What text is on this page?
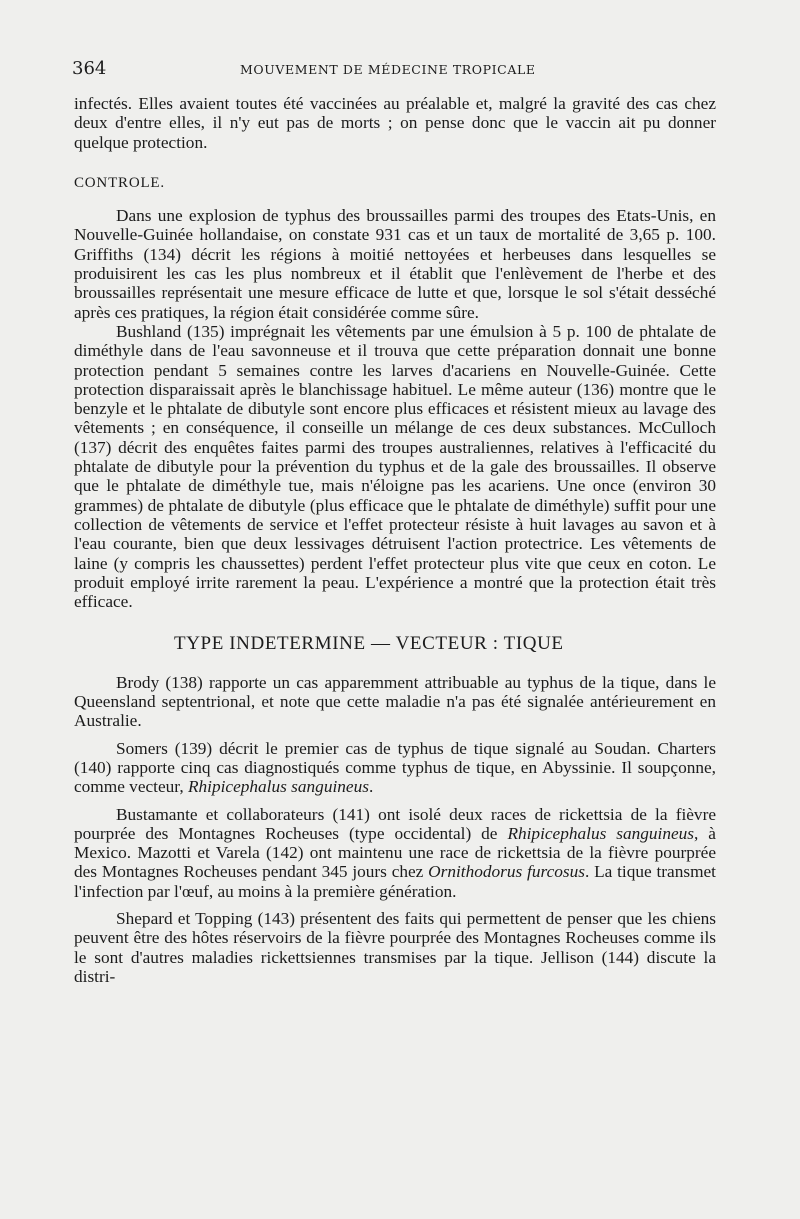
364	MOUVEMENT DE MÉDECINE TROPICALE

infectés. Elles avaient toutes été vaccinées au préalable et, malgré la gravité des cas chez deux d'entre elles, il n'y eut pas de morts ; on pense donc que le vaccin ait pu donner quelque protection.

CONTROLE.

Dans une explosion de typhus des broussailles parmi des troupes des Etats-Unis, en Nouvelle-Guinée hollandaise, on constate 931 cas et un taux de mortalité de 3,65 p. 100. Griffiths (134) décrit les régions à moitié nettoyées et herbeuses dans lesquelles se produisirent les cas les plus nombreux et il établit que l'enlèvement de l'herbe et des broussailles représentait une mesure efficace de lutte et que, lorsque le sol s'était desséché après ces pratiques, la région était considérée comme sûre.

Bushland (135) imprégnait les vêtements par une émulsion à 5 p. 100 de phtalate de diméthyle dans de l'eau savonneuse et il trouva que cette préparation donnait une bonne protection pendant 5 semaines contre les larves d'acariens en Nouvelle-Guinée. Cette protection disparaissait après le blanchissage habituel. Le même auteur (136) montre que le benzyle et le phtalate de dibutyle sont encore plus efficaces et résistent mieux au lavage des vêtements ; en conséquence, il conseille un mélange de ces deux substances. McCulloch (137) décrit des enquêtes faites parmi des troupes australiennes, relatives à l'efficacité du phtalate de dibutyle pour la prévention du typhus et de la gale des broussailles. Il observe que le phtalate de diméthyle tue, mais n'éloigne pas les acariens. Une once (environ 30 grammes) de phtalate de dibutyle (plus efficace que le phtalate de diméthyle) suffit pour une collection de vêtements de service et l'effet protecteur résiste à huit lavages au savon et à l'eau courante, bien que deux lessivages détruisent l'action protectrice. Les vêtements de laine (y compris les chaussettes) perdent l'effet protecteur plus vite que ceux en coton. Le produit employé irrite rarement la peau. L'expérience a montré que la protection était très efficace.

TYPE INDETERMINE — VECTEUR : TIQUE

Brody (138) rapporte un cas apparemment attribuable au typhus de la tique, dans le Queensland septentrional, et note que cette maladie n'a pas été signalée antérieurement en Australie.

Somers (139) décrit le premier cas de typhus de tique signalé au Soudan. Charters (140) rapporte cinq cas diagnostiqués comme typhus de tique, en Abyssinie. Il soupçonne, comme vecteur, Rhipicephalus sanguineus.

Bustamante et collaborateurs (141) ont isolé deux races de rickettsia de la fièvre pourprée des Montagnes Rocheuses (type occidental) de Rhipicephalus sanguineus, à Mexico. Mazotti et Varela (142) ont maintenu une race de rickettsia de la fièvre pourprée des Montagnes Rocheuses pendant 345 jours chez Ornithodorus furcosus. La tique transmet l'infection par l'œuf, au moins à la première génération.

Shepard et Topping (143) présentent des faits qui permettent de penser que les chiens peuvent être des hôtes réservoirs de la fièvre pourprée des Montagnes Rocheuses comme ils le sont d'autres maladies rickettsiennes transmises par la tique. Jellison (144) discute la distri-
